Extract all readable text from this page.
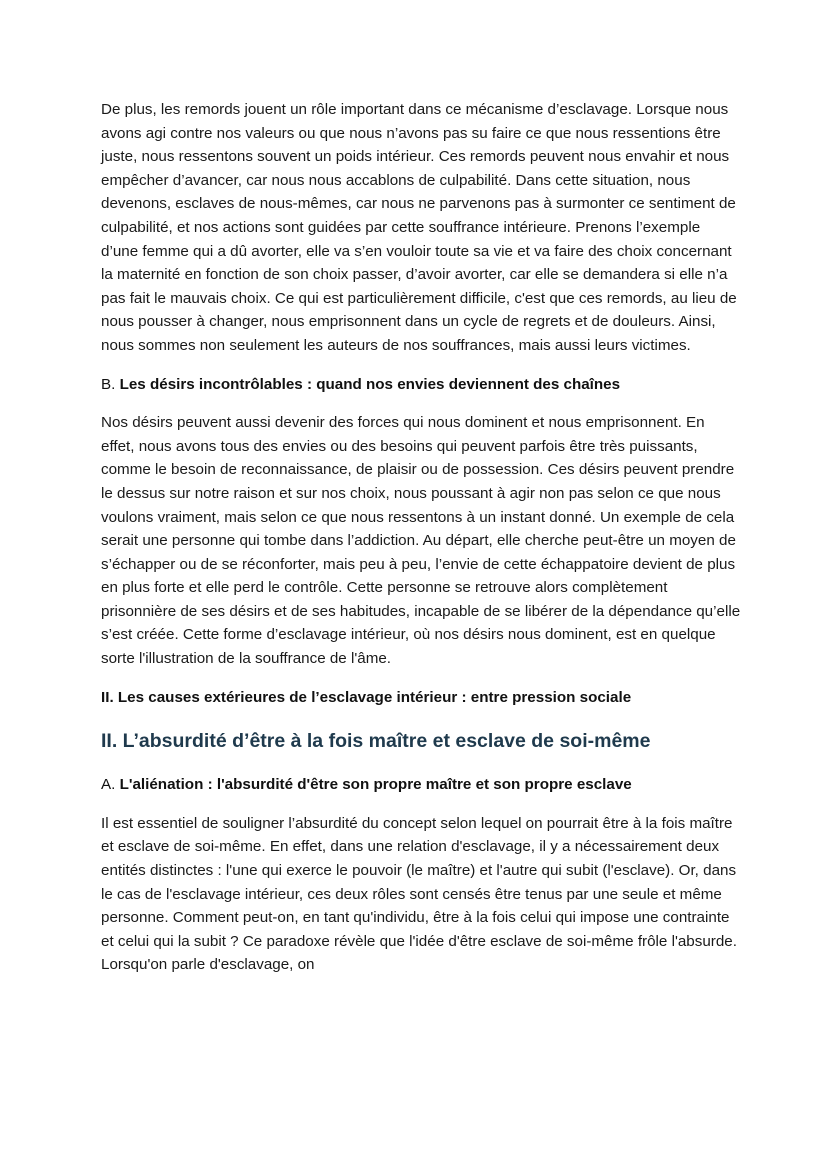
De plus, les remords jouent un rôle important dans ce mécanisme d’esclavage. Lorsque nous avons agi contre nos valeurs ou que nous n’avons pas su faire ce que nous ressentions être juste, nous ressentons souvent un poids intérieur. Ces remords peuvent nous envahir et nous empêcher d’avancer, car nous nous accablons de culpabilité. Dans cette situation, nous devenons, esclaves de nous-mêmes, car nous ne parvenons pas à surmonter ce sentiment de culpabilité, et nos actions sont guidées par cette souffrance intérieure. Prenons l’exemple d’une femme qui a dû avorter, elle va s’en vouloir toute sa vie et va faire des choix concernant la maternité en fonction de son choix passer, d’avoir avorter, car elle se demandera si elle n’a pas fait le mauvais choix. Ce qui est particulièrement difficile, c'est que ces remords, au lieu de nous pousser à changer, nous emprisonnent dans un cycle de regrets et de douleurs. Ainsi, nous sommes non seulement les auteurs de nos souffrances, mais aussi leurs victimes.

B. Les désirs incontrôlables : quand nos envies deviennent des chaînes

Nos désirs peuvent aussi devenir des forces qui nous dominent et nous emprisonnent. En effet, nous avons tous des envies ou des besoins qui peuvent parfois être très puissants, comme le besoin de reconnaissance, de plaisir ou de possession. Ces désirs peuvent prendre le dessus sur notre raison et sur nos choix, nous poussant à agir non pas selon ce que nous voulons vraiment, mais selon ce que nous ressentons à un instant donné. Un exemple de cela serait une personne qui tombe dans l’addiction. Au départ, elle cherche peut-être un moyen de s’échapper ou de se réconforter, mais peu à peu, l’envie de cette échappatoire devient de plus en plus forte et elle perd le contrôle. Cette personne se retrouve alors complètement prisonnière de ses désirs et de ses habitudes, incapable de se libérer de la dépendance qu’elle s’est créée. Cette forme d’esclavage intérieur, où nos désirs nous dominent, est en quelque sorte l'illustration de la souffrance de l'âme.

II. Les causes extérieures de l’esclavage intérieur : entre pression sociale

II. L’absurdité d’être à la fois maître et esclave de soi-même

A. L'aliénation : l'absurdité d'être son propre maître et son propre esclave

Il est essentiel de souligner l’absurdité du concept selon lequel on pourrait être à la fois maître et esclave de soi-même. En effet, dans une relation d'esclavage, il y a nécessairement deux entités distinctes : l'une qui exerce le pouvoir (le maître) et l'autre qui subit (l'esclave). Or, dans le cas de l'esclavage intérieur, ces deux rôles sont censés être tenus par une seule et même personne. Comment peut-on, en tant qu'individu, être à la fois celui qui impose une contrainte et celui qui la subit ? Ce paradoxe révèle que l'idée d'être esclave de soi-même frôle l'absurde. Lorsqu'on parle d'esclavage, on
